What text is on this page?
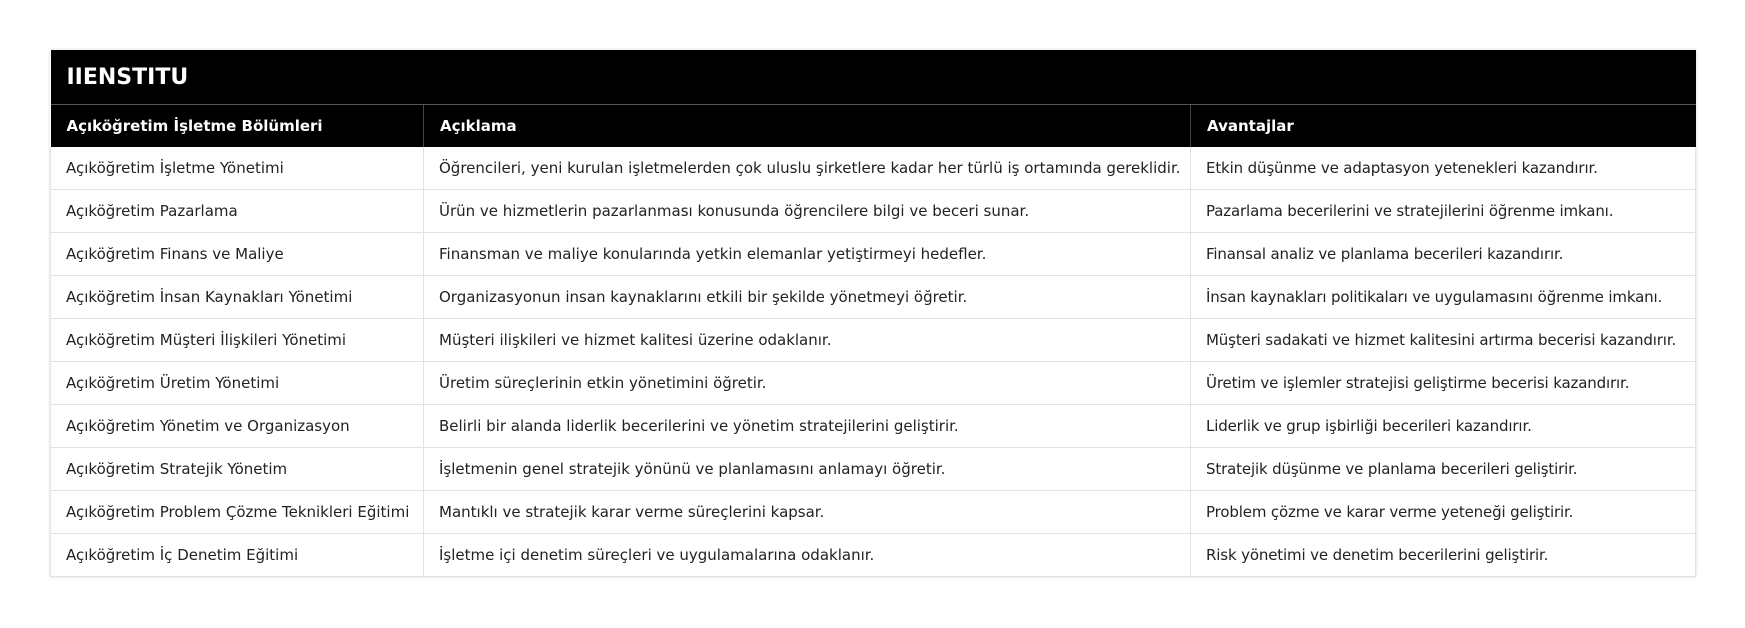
IIENSTITU		
Açıköğretim İşletme Bölümleri	Açıklama	Avantajlar
Açıköğretim İşletme Yönetimi	Öğrencileri, yeni kurulan işletmelerden çok uluslu şirketlere kadar her türlü iş ortamında gereklidir.	Etkin düşünme ve adaptasyon yetenekleri kazandırır.
Açıköğretim Pazarlama	Ürün ve hizmetlerin pazarlanması konusunda öğrencilere bilgi ve beceri sunar.	Pazarlama becerilerini ve stratejilerini öğrenme imkanı.
Açıköğretim Finans ve Maliye	Finansman ve maliye konularında yetkin elemanlar yetiştirmeyi hedefler.	Finansal analiz ve planlama becerileri kazandırır.
Açıköğretim İnsan Kaynakları Yönetimi	Organizasyonun insan kaynaklarını etkili bir şekilde yönetmeyi öğretir.	İnsan kaynakları politikaları ve uygulamasını öğrenme imkanı.
Açıköğretim Müşteri İlişkileri Yönetimi	Müşteri ilişkileri ve hizmet kalitesi üzerine odaklanır.	Müşteri sadakati ve hizmet kalitesini artırma becerisi kazandırır.
Açıköğretim Üretim Yönetimi	Üretim süreçlerinin etkin yönetimini öğretir.	Üretim ve işlemler stratejisi geliştirme becerisi kazandırır.
Açıköğretim Yönetim ve Organizasyon	Belirli bir alanda liderlik becerilerini ve yönetim stratejilerini geliştirir.	Liderlik ve grup işbirliği becerileri kazandırır.
Açıköğretim Stratejik Yönetim	İşletmenin genel stratejik yönünü ve planlamasını anlamayı öğretir.	Stratejik düşünme ve planlama becerileri geliştirir.
Açıköğretim Problem Çözme Teknikleri Eğitimi	Mantıklı ve stratejik karar verme süreçlerini kapsar.	Problem çözme ve karar verme yeteneği geliştirir.
Açıköğretim İç Denetim Eğitimi	İşletme içi denetim süreçleri ve uygulamalarına odaklanır.	Risk yönetimi ve denetim becerilerini geliştirir.
